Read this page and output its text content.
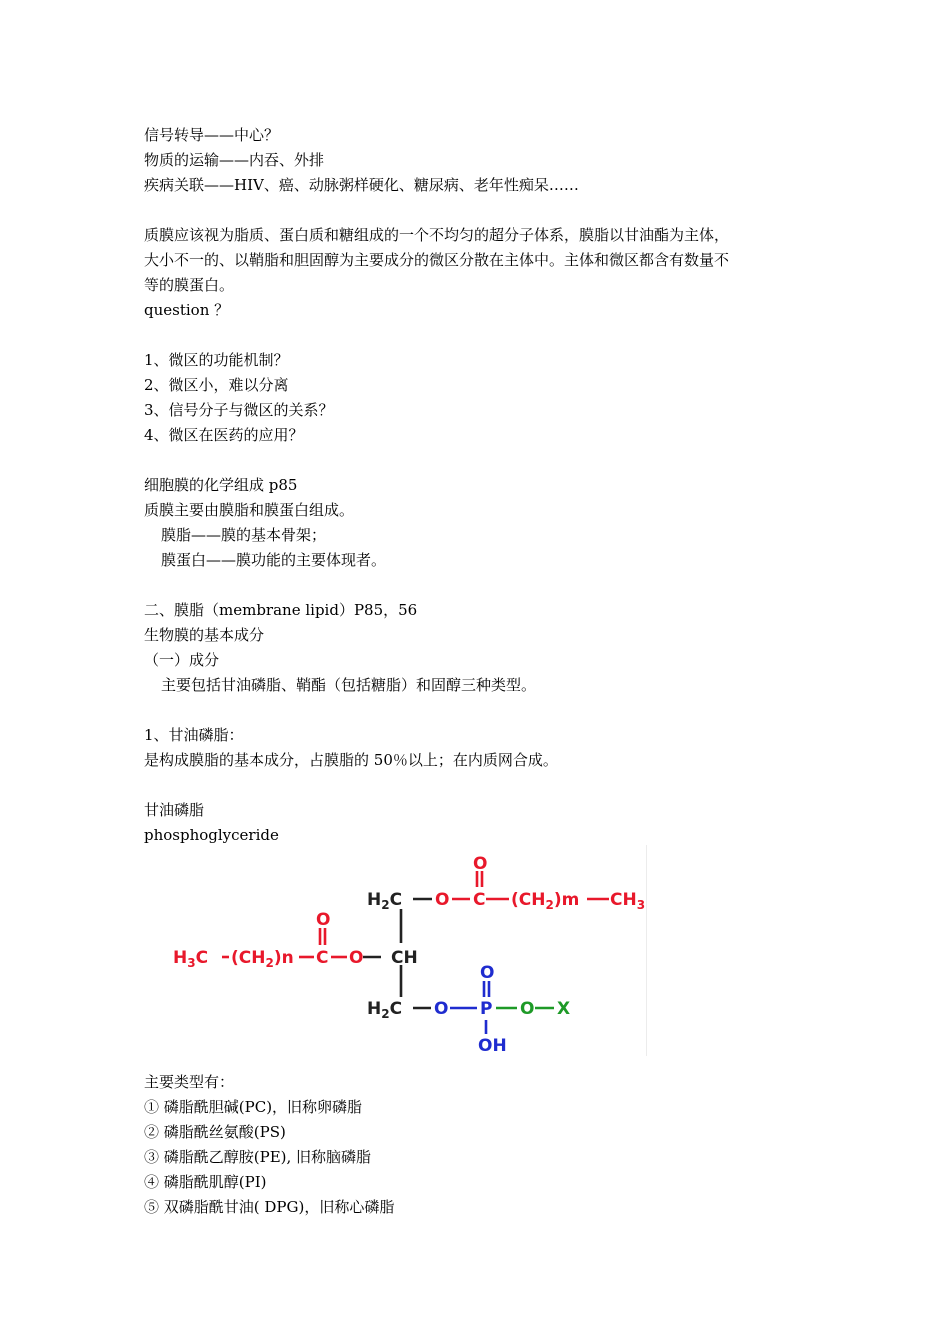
信号转导——中心？
物质的运输——内吞、外排
疾病关联——HIV、癌、动脉粥样硬化、糖尿病、老年性痴呆……
质膜应该视为脂质、蛋白质和糖组成的一个不均匀的超分子体系，膜脂以甘油酯为主体，
大小不一的、以鞘脂和胆固醇为主要成分的微区分散在主体中。主体和微区都含有数量不
等的膜蛋白。
question ？
1、微区的功能机制？
2、微区小，难以分离
3、信号分子与微区的关系？
4、微区在医药的应用？
细胞膜的化学组成 p85
质膜主要由膜脂和膜蛋白组成。
膜脂——膜的基本骨架；
膜蛋白——膜功能的主要体现者。
二、膜脂（membrane lipid）P85，56
生物膜的基本成分
（一）成分
主要包括甘油磷脂、鞘酯（包括糖脂）和固醇三种类型。
1、甘油磷脂：
是构成膜脂的基本成分，占膜脂的 50％以上；在内质网合成。
甘油磷脂
phosphoglyceride
$H_2C$ O C
O
$(CH_2)m$ $CH_3$
$H_3C$ $(CH_2)n$ C
O
O CH
$H_2C$ O P
O
OH
O X
主要类型有：
① 磷脂酰胆碱(PC)，旧称卵磷脂
② 磷脂酰丝氨酸(PS)
③ 磷脂酰乙醇胺(PE), 旧称脑磷脂
④ 磷脂酰肌醇(PI)
⑤ 双磷脂酰甘油( DPG)，旧称心磷脂
